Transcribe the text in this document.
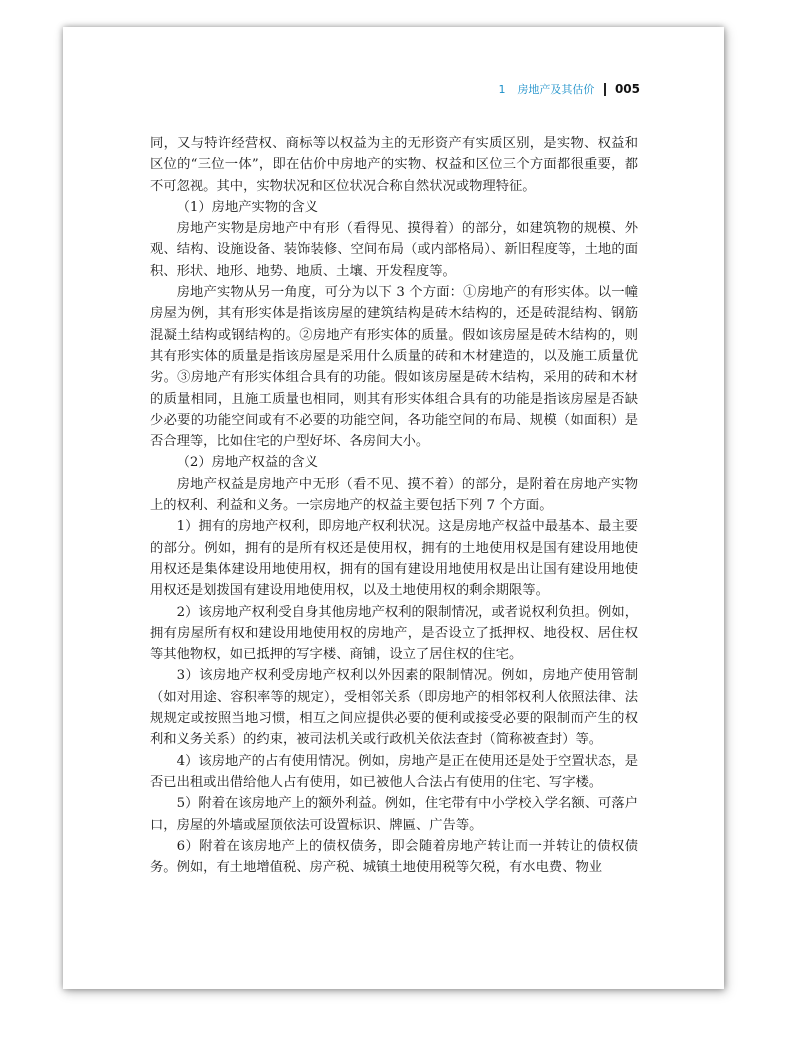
1 房地产及其估价 005

同，又与特许经营权、商标等以权益为主的无形资产有实质区别，是实物、权益和区位的“三位一体”，即在估价中房地产的实物、权益和区位三个方面都很重要，都不可忽视。其中，实物状况和区位状况合称自然状况或物理特征。

（1）房地产实物的含义

房地产实物是房地产中有形（看得见、摸得着）的部分，如建筑物的规模、外观、结构、设施设备、装饰装修、空间布局（或内部格局）、新旧程度等，土地的面积、形状、地形、地势、地质、土壤、开发程度等。

房地产实物从另一角度，可分为以下 3 个方面：①房地产的有形实体。以一幢房屋为例，其有形实体是指该房屋的建筑结构是砖木结构的，还是砖混结构、钢筋混凝土结构或钢结构的。②房地产有形实体的质量。假如该房屋是砖木结构的，则其有形实体的质量是指该房屋是采用什么质量的砖和木材建造的，以及施工质量优劣。③房地产有形实体组合具有的功能。假如该房屋是砖木结构，采用的砖和木材的质量相同，且施工质量也相同，则其有形实体组合具有的功能是指该房屋是否缺少必要的功能空间或有不必要的功能空间，各功能空间的布局、规模（如面积）是否合理等，比如住宅的户型好坏、各房间大小。

（2）房地产权益的含义

房地产权益是房地产中无形（看不见、摸不着）的部分，是附着在房地产实物上的权利、利益和义务。一宗房地产的权益主要包括下列 7 个方面。

1）拥有的房地产权利，即房地产权利状况。这是房地产权益中最基本、最主要的部分。例如，拥有的是所有权还是使用权，拥有的土地使用权是国有建设用地使用权还是集体建设用地使用权，拥有的国有建设用地使用权是出让国有建设用地使用权还是划拨国有建设用地使用权，以及土地使用权的剩余期限等。

2）该房地产权利受自身其他房地产权利的限制情况，或者说权利负担。例如，拥有房屋所有权和建设用地使用权的房地产，是否设立了抵押权、地役权、居住权等其他物权，如已抵押的写字楼、商铺，设立了居住权的住宅。

3）该房地产权利受房地产权利以外因素的限制情况。例如，房地产使用管制（如对用途、容积率等的规定），受相邻关系（即房地产的相邻权利人依照法律、法规规定或按照当地习惯，相互之间应提供必要的便利或接受必要的限制而产生的权利和义务关系）的约束，被司法机关或行政机关依法查封（简称被查封）等。

4）该房地产的占有使用情况。例如，房地产是正在使用还是处于空置状态，是否已出租或出借给他人占有使用，如已被他人合法占有使用的住宅、写字楼。

5）附着在该房地产上的额外利益。例如，住宅带有中小学校入学名额、可落户口，房屋的外墙或屋顶依法可设置标识、牌匾、广告等。

6）附着在该房地产上的债权债务，即会随着房地产转让而一并转让的债权债务。例如，有土地增值税、房产税、城镇土地使用税等欠税，有水电费、物业
